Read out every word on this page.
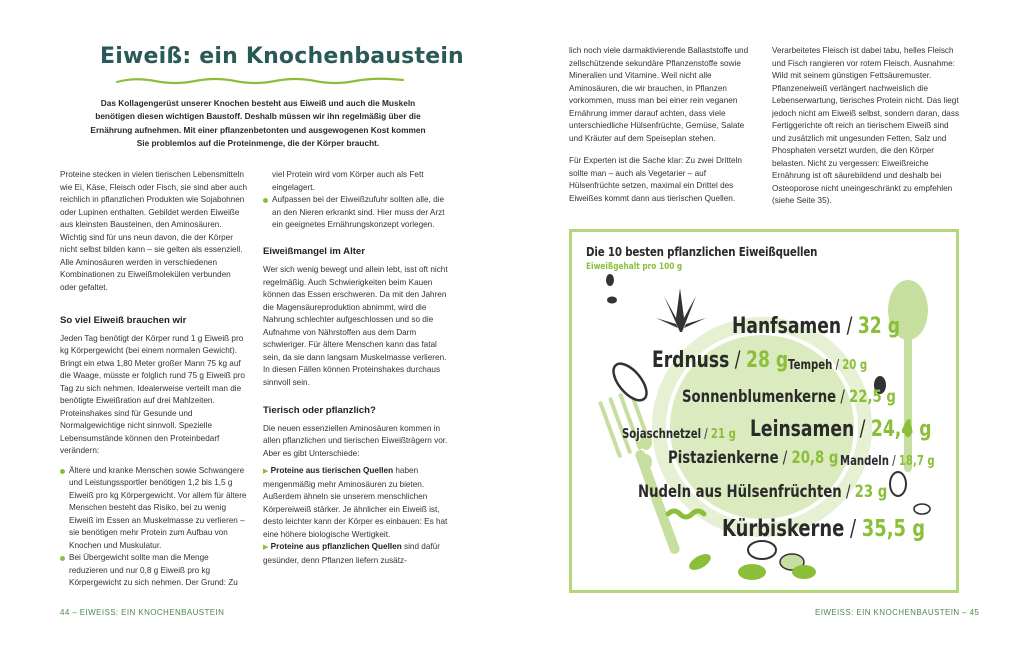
Eiweiß: ein Knochenbaustein

Das Kollagengerüst unserer Knochen besteht aus Eiweiß und auch die Muskeln benötigen diesen wichtigen Baustoff. Deshalb müssen wir ihn regelmäßig über die Ernährung aufnehmen. Mit einer pflanzenbetonten und ausgewogenen Kost kommen Sie problemlos auf die Proteinmenge, die der Körper braucht.

Proteine stecken in vielen tierischen Lebensmitteln wie Ei, Käse, Fleisch oder Fisch, sie sind aber auch reichlich in pflanzlichen Produkten wie Sojabohnen oder Lupinen enthalten. Gebildet werden Eiweiße aus kleinsten Bausteinen, den Aminosäuren. Wichtig sind für uns neun davon, die der Körper nicht selbst bilden kann – sie gelten als essenziell. Alle Aminosäuren werden in verschiedenen Kombinationen zu Eiweißmolekülen verbunden oder gefaltet.

So viel Eiweiß brauchen wir

Jeden Tag benötigt der Körper rund 1 g Eiweiß pro kg Körpergewicht (bei einem normalen Gewicht). Bringt ein etwa 1,80 Meter großer Mann 75 kg auf die Waage, müsste er folglich rund 75 g Eiweiß pro Tag zu sich nehmen. Idealerweise verteilt man die benötigte Eiweißration auf drei Mahlzeiten. Proteinshakes sind für Gesunde und Normalgewichtige nicht sinnvoll. Spezielle Lebensumstände können den Proteinbedarf verändern:

Ältere und kranke Menschen sowie Schwangere und Leistungssportler benötigen 1,2 bis 1,5 g Eiweiß pro kg Körpergewicht. Vor allem für ältere Menschen besteht das Risiko, bei zu wenig Eiweiß im Essen an Muskelmasse zu verlieren – sie benötigen mehr Protein zum Aufbau von Knochen und Muskulatur.
Bei Übergewicht sollte man die Menge reduzieren und nur 0,8 g Eiweiß pro kg Körpergewicht zu sich nehmen. Der Grund: Zu

viel Protein wird vom Körper auch als Fett eingelagert.

Aufpassen bei der Eiweißzufuhr sollten alle, die an den Nieren erkrankt sind. Hier muss der Arzt ein geeignetes Ernährungskonzept vorlegen.
Eiweißmangel im Alter

Wer sich wenig bewegt und allein lebt, isst oft nicht regelmäßig. Auch Schwierigkeiten beim Kauen können das Essen erschweren. Da mit den Jahren die Magensäureproduktion abnimmt, wird die Nahrung schlechter aufgeschlossen und so die Aufnahme von Nährstoffen aus dem Darm schwieriger. Für ältere Menschen kann das fatal sein, da sie dann langsam Muskelmasse verlieren. In diesen Fällen können Proteinshakes durchaus sinnvoll sein.

Tierisch oder pflanzlich?

Die neuen essenziellen Aminosäuren kommen in allen pflanzlichen und tierischen Eiweißträgern vor. Aber es gibt Unterschiede:

▶ Proteine aus tierischen Quellen haben mengenmäßig mehr Aminosäuren zu bieten. Außerdem ähneln sie unserem menschlichen Körpereiweiß stärker. Je ähnlicher ein Eiweiß ist, desto leichter kann der Körper es einbauen: Es hat eine höhere biologische Wertigkeit.

▶ Proteine aus pflanzlichen Quellen sind dafür gesünder, denn Pflanzen liefern zusätz-

44 – EIWEISS: EIN KNOCHENBAUSTEIN

lich noch viele darmaktivierende Ballaststoffe und zellschützende sekundäre Pflanzenstoffe sowie Mineralien und Vitamine. Weil nicht alle Aminosäuren, die wir brauchen, in Pflanzen vorkommen, muss man bei einer rein veganen Ernährung immer darauf achten, dass viele unterschiedliche Hülsenfrüchte, Gemüse, Salate und Kräuter auf dem Speiseplan stehen.

Für Experten ist die Sache klar: Zu zwei Dritteln sollte man – auch als Vegetarier – auf Hülsenfrüchte setzen, maximal ein Drittel des Eiweißes kommt dann aus tierischen Quellen.

Verarbeitetes Fleisch ist dabei tabu, helles Fleisch und Fisch rangieren vor rotem Fleisch. Ausnahme: Wild mit seinem günstigen Fettsäuremuster. Pflanzeneiweiß verlängert nachweislich die Lebenserwartung, tierisches Protein nicht. Das liegt jedoch nicht am Eiweiß selbst, sondern daran, dass Fertiggerichte oft reich an tierischem Eiweiß sind und zusätzlich mit ungesunden Fetten, Salz und Phosphaten versetzt wurden, die den Körper belasten. Nicht zu vergessen: Eiweißreiche Ernährung ist oft säurebildend und deshalb bei Osteoporose nicht uneingeschränkt zu empfehlen (siehe Seite 35).

Die 10 besten pflanzlichen Eiweißquellen
Eiweißgehalt pro 100 g
Hanfsamen / 32 g
Erdnuss / 28 g Tempeh / 20 g
Sonnenblumenkerne / 22,5 g
Sojaschnetzel / 21 g Leinsamen / 24,4 g
Pistazienkerne / 20,8 g Mandeln / 18,7 g
Nudeln aus Hülsenfrüchten / 23 g
Kürbiskerne / 35,5 g
EIWEISS: EIN KNOCHENBAUSTEIN – 45
